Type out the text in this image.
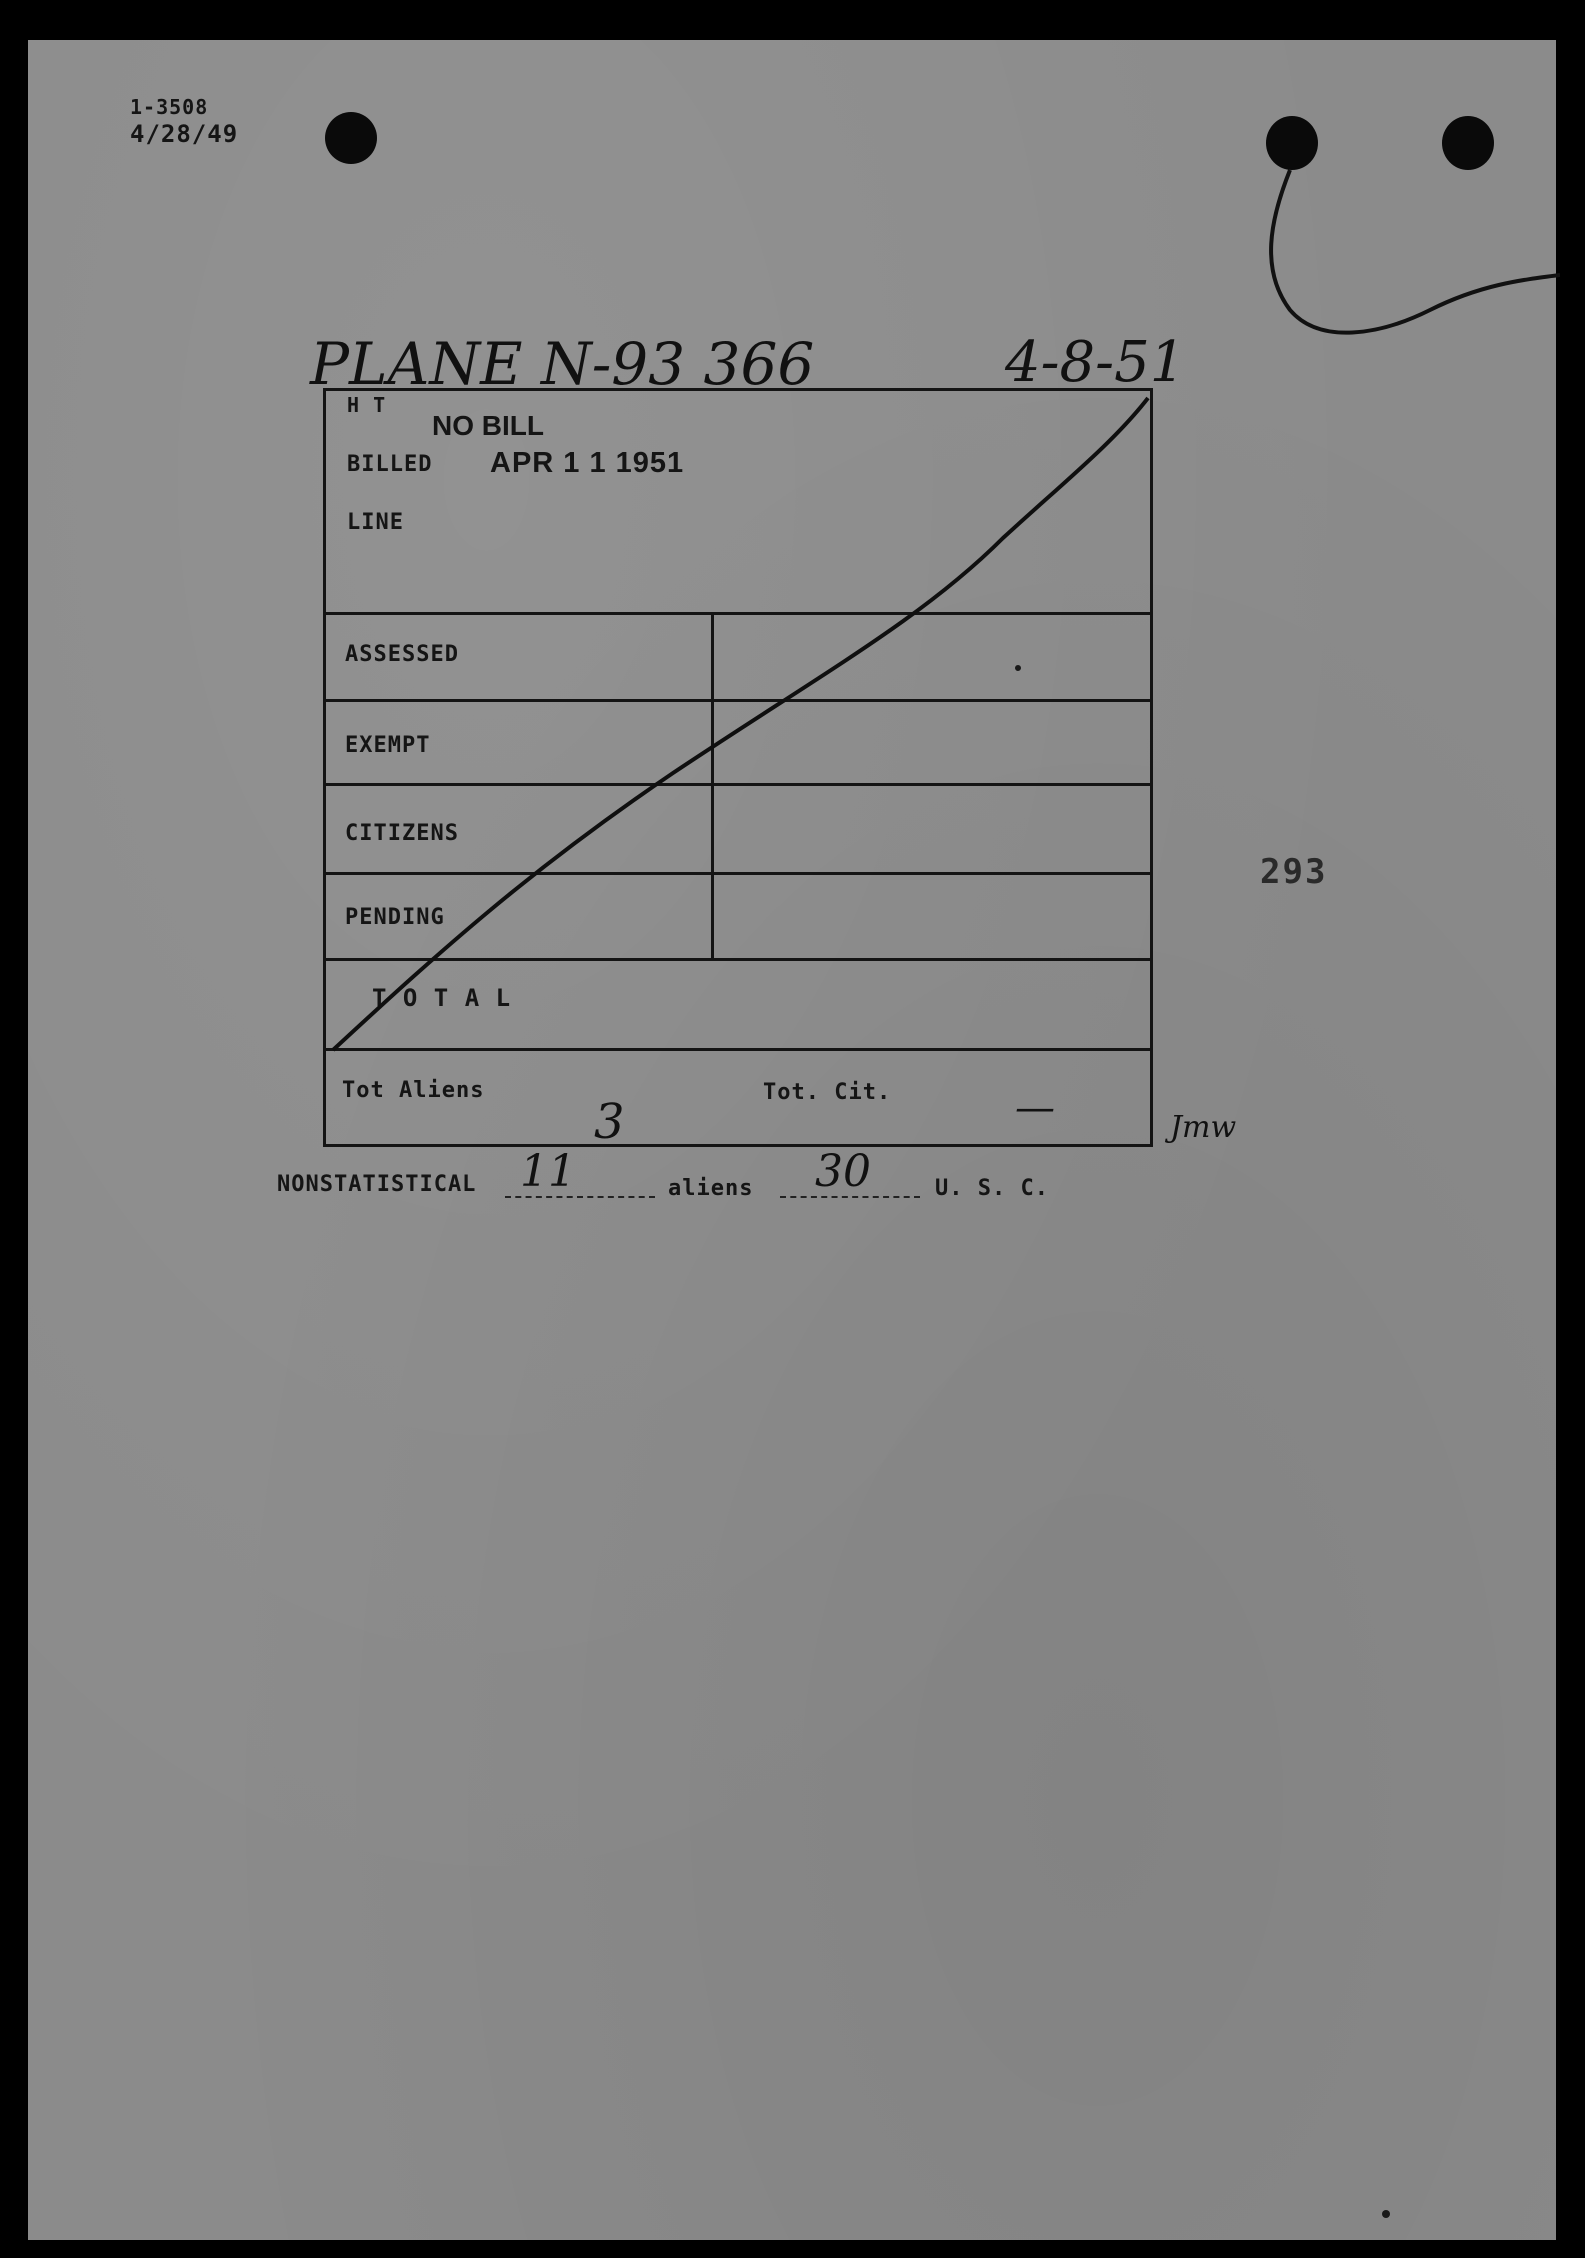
1-3508
4/28/49
PLANE N-93 366	4-8-51
H T
NO BILL
BILLED APR 1 1 1951
LINE
ASSESSED
EXEMPT
CITIZENS
PENDING
T O T A L
Tot Aliens
3
Tot. Cit.	—	Jmw
NONSTATISTICAL 11	aliens 30	U. S. C.
293
